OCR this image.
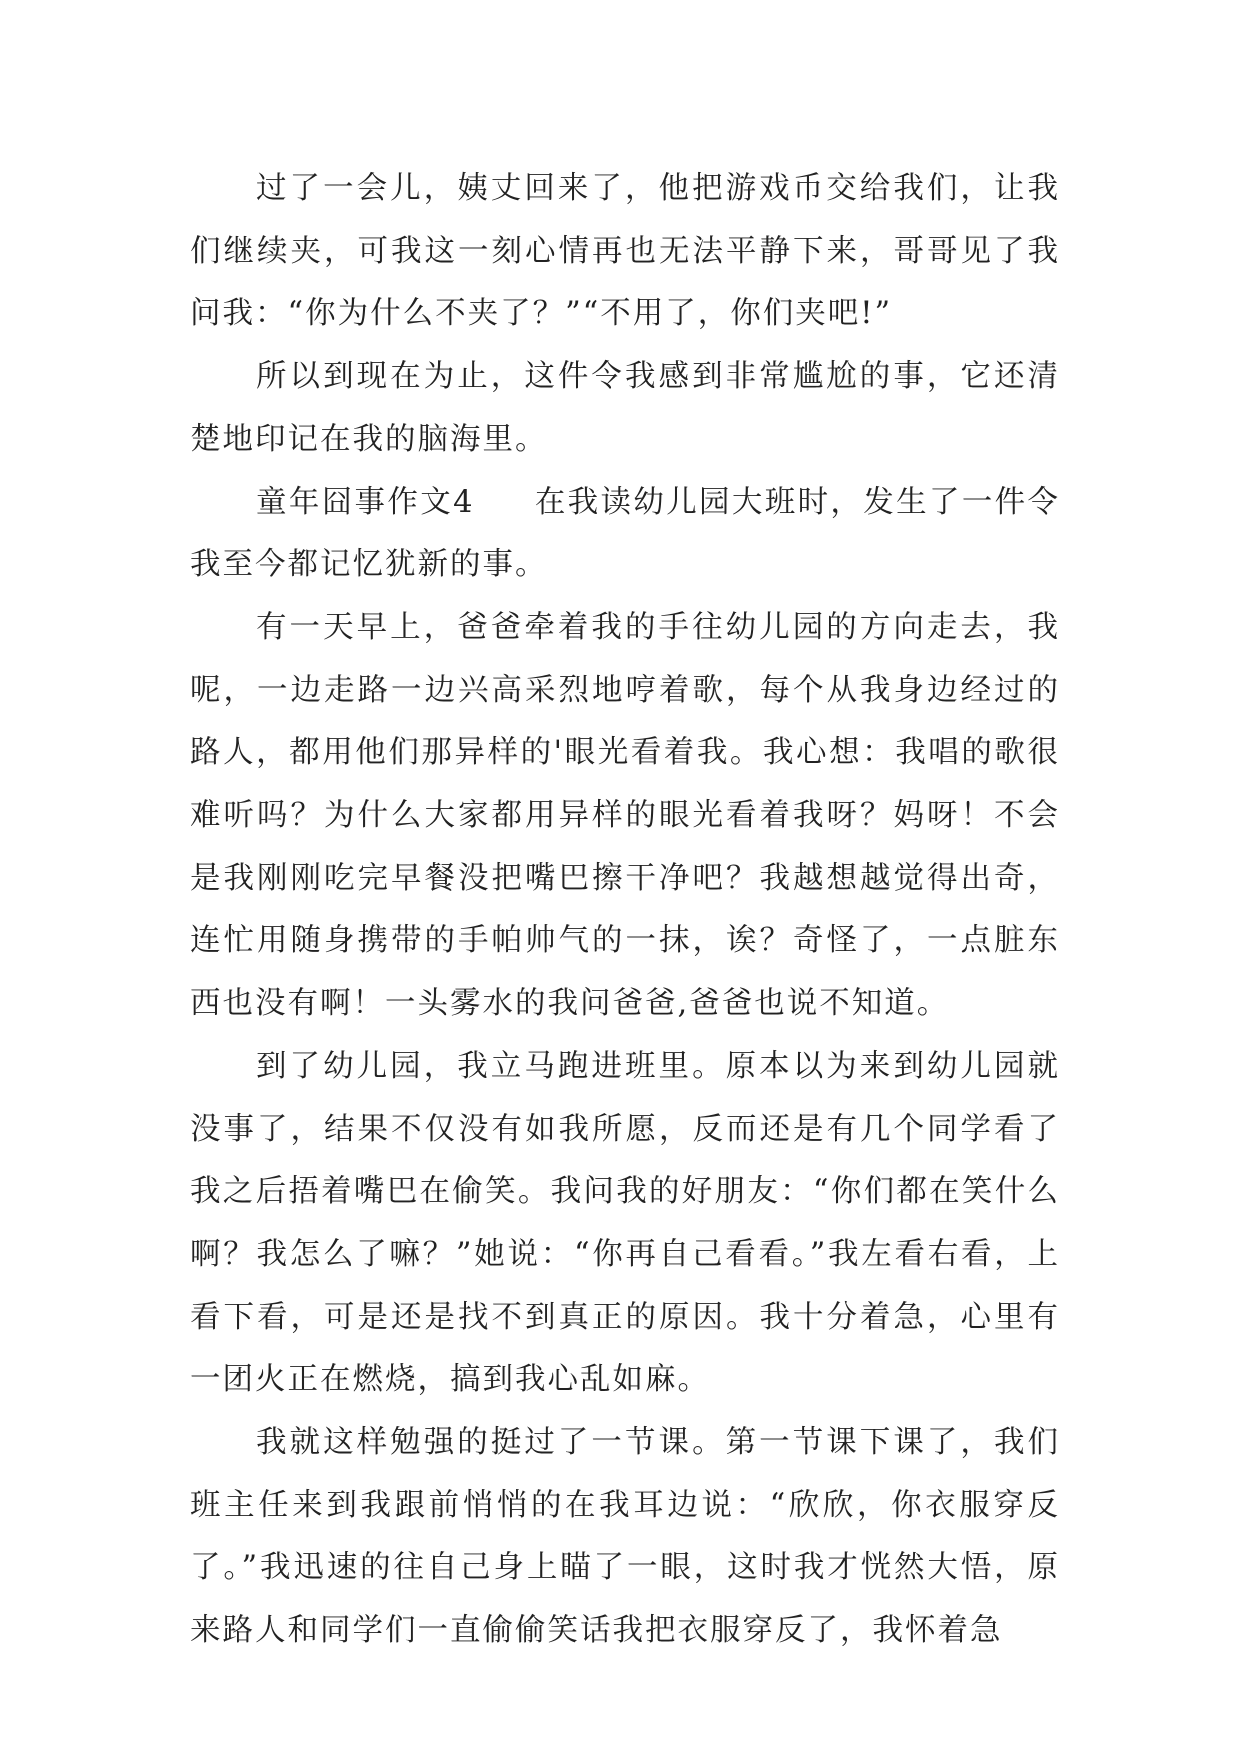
过了一会儿，姨丈回来了，他把游戏币交给我们，让我们继续夹，可我这一刻心情再也无法平静下来，哥哥见了我问我：“你为什么不夹了？”“不用了，你们夹吧!”

所以到现在为止，这件令我感到非常尴尬的事，它还清楚地印记在我的脑海里。

童年囧事作文4 在我读幼儿园大班时，发生了一件令我至今都记忆犹新的事。

有一天早上，爸爸牵着我的手往幼儿园的方向走去，我呢，一边走路一边兴高采烈地哼着歌，每个从我身边经过的路人，都用他们那异样的'眼光看着我。我心想：我唱的歌很难听吗？为什么大家都用异样的眼光看着我呀？妈呀！不会是我刚刚吃完早餐没把嘴巴擦干净吧？我越想越觉得出奇，连忙用随身携带的手帕帅气的一抹，诶？奇怪了，一点脏东西也没有啊！一头雾水的我问爸爸,爸爸也说不知道。

到了幼儿园，我立马跑进班里。原本以为来到幼儿园就没事了，结果不仅没有如我所愿，反而还是有几个同学看了我之后捂着嘴巴在偷笑。我问我的好朋友：“你们都在笑什么啊？我怎么了嘛？”她说：“你再自己看看。”我左看右看，上看下看，可是还是找不到真正的原因。我十分着急，心里有一团火正在燃烧，搞到我心乱如麻。

我就这样勉强的挺过了一节课。第一节课下课了，我们班主任来到我跟前悄悄的在我耳边说：“欣欣，你衣服穿反了。”我迅速的往自己身上瞄了一眼，这时我才恍然大悟，原来路人和同学们一直偷偷笑话我把衣服穿反了，我怀着急
